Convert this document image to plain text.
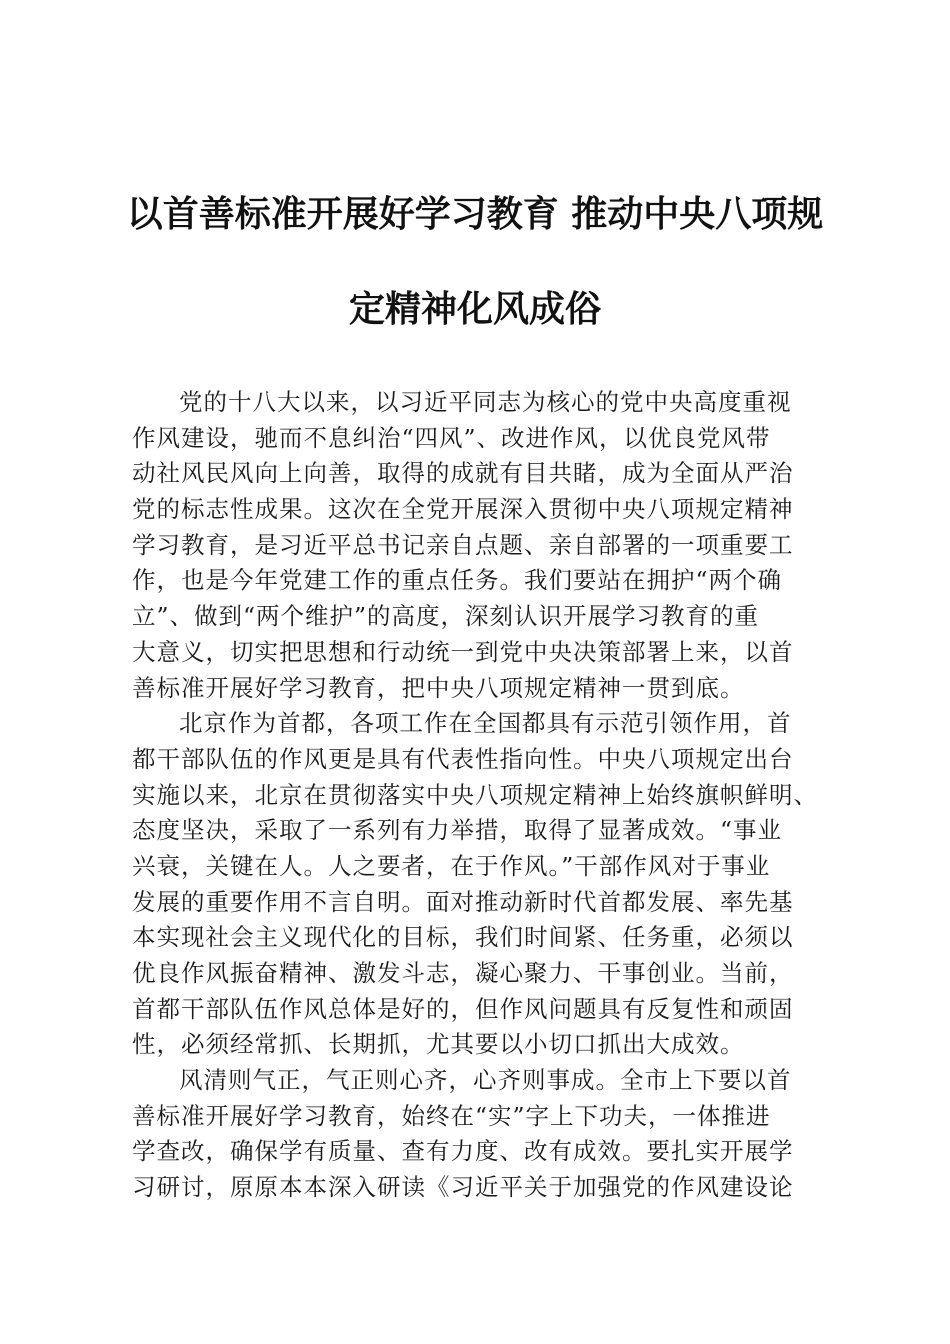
以首善标准开展好学习教育 推动中央八项规
定精神化风成俗
党的十八大以来，以习近平同志为核心的党中央高度重视
作风建设，驰而不息纠治“四风”、改进作风，以优良党风带
动社风民风向上向善，取得的成就有目共睹，成为全面从严治
党的标志性成果。这次在全党开展深入贯彻中央八项规定精神
学习教育，是习近平总书记亲自点题、亲自部署的一项重要工
作，也是今年党建工作的重点任务。我们要站在拥护“两个确
立”、做到“两个维护”的高度，深刻认识开展学习教育的重
大意义，切实把思想和行动统一到党中央决策部署上来，以首
善标准开展好学习教育，把中央八项规定精神一贯到底。
北京作为首都，各项工作在全国都具有示范引领作用，首
都干部队伍的作风更是具有代表性指向性。中央八项规定出台
实施以来，北京在贯彻落实中央八项规定精神上始终旗帜鲜明、
态度坚决，采取了一系列有力举措，取得了显著成效。“事业
兴衰，关键在人。人之要者，在于作风。”干部作风对于事业
发展的重要作用不言自明。面对推动新时代首都发展、率先基
本实现社会主义现代化的目标，我们时间紧、任务重，必须以
优良作风振奋精神、激发斗志，凝心聚力、干事创业。当前，
首都干部队伍作风总体是好的，但作风问题具有反复性和顽固
性，必须经常抓、长期抓，尤其要以小切口抓出大成效。
风清则气正，气正则心齐，心齐则事成。全市上下要以首
善标准开展好学习教育，始终在“实”字上下功夫，一体推进
学查改，确保学有质量、查有力度、改有成效。要扎实开展学
习研讨，原原本本深入研读《习近平关于加强党的作风建设论
